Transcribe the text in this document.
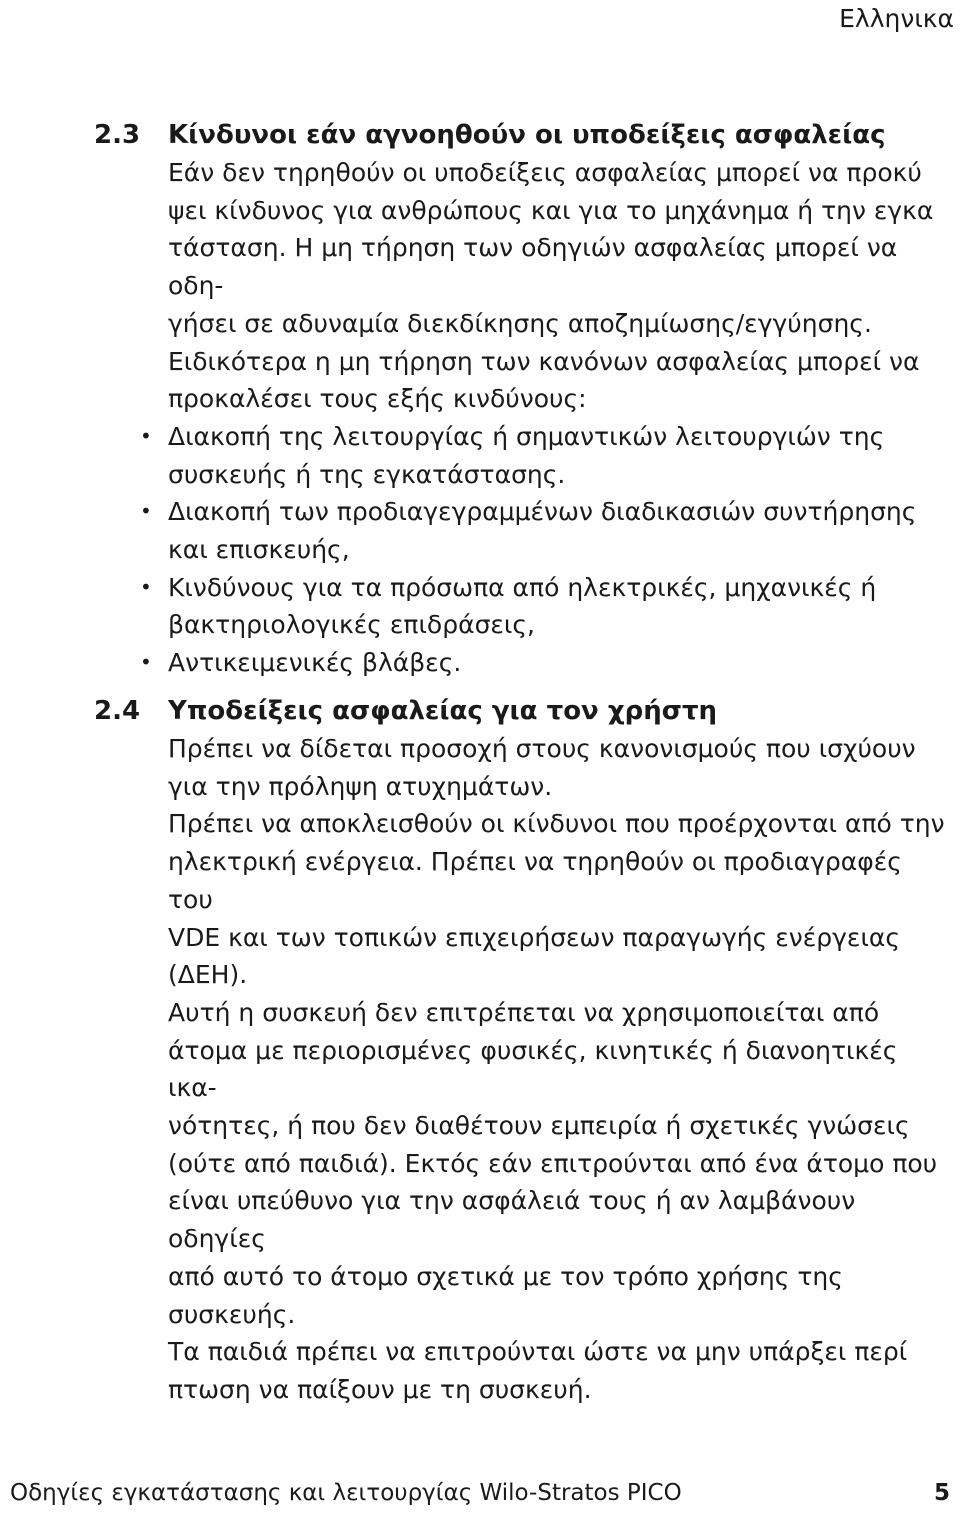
Ελληνικα
2.3	Κίνδυνοι εάν αγνοηθούν οι υποδείξεις ασφαλείας

Εάν δεν τηρηθούν οι υποδείξεις ασφαλείας μπορεί να προκύ

ψει κίνδυνος για ανθρώπους και για το μηχάνημα ή την εγκα

τάσταση. Η μη τήρηση των οδηγιών ασφαλείας μπορεί να οδη-

γήσει σε αδυναμία διεκδίκησης αποζημίωσης/εγγύησης.

Ειδικότερα η μη τήρηση των κανόνων ασφαλείας μπορεί να

προκαλέσει τους εξής κινδύνους:

• Διακοπή της λειτουργίας ή σημαντικών λειτουργιών της
συσκευής ή της εγκατάστασης.
• Διακοπή των προδιαγεγραμμένων διαδικασιών συντήρησης
και επισκευής,
• Κινδύνους για τα πρόσωπα από ηλεκτρικές, μηχανικές ή
βακτηριολογικές επιδράσεις,
• Αντικειμενικές βλάβες.
2.4	Υποδείξεις ασφαλείας για τον χρήστη

Πρέπει να δίδεται προσοχή στους κανονισμούς που ισχύουν

για την πρόληψη ατυχημάτων.

Πρέπει να αποκλεισθούν οι κίνδυνοι που προέρχονται από την

ηλεκτρική ενέργεια. Πρέπει να τηρηθούν οι προδιαγραφές του

VDE και των τοπικών επιχειρήσεων παραγωγής ενέργειας

(ΔΕΗ).

Αυτή η συσκευή δεν επιτρέπεται να χρησιμοποιείται από

άτομα με περιορισμένες φυσικές, κινητικές ή διανοητικές ικα-

νότητες, ή που δεν διαθέτουν εμπειρία ή σχετικές γνώσεις

(ούτε από παιδιά). Εκτός εάν επιτρούνται από ένα άτομο που

είναι υπεύθυνο για την ασφάλειά τους ή αν λαμβάνουν οδηγίες

από αυτό το άτομο σχετικά με τον τρόπο χρήσης της συσκευής.

Τα παιδιά πρέπει να επιτρούνται ώστε να μην υπάρξει περί

πτωση να παίξουν με τη συσκευή.

Οδηγίες εγκατάστασης και λειτουργίας Wilo-Stratos PICO	5
